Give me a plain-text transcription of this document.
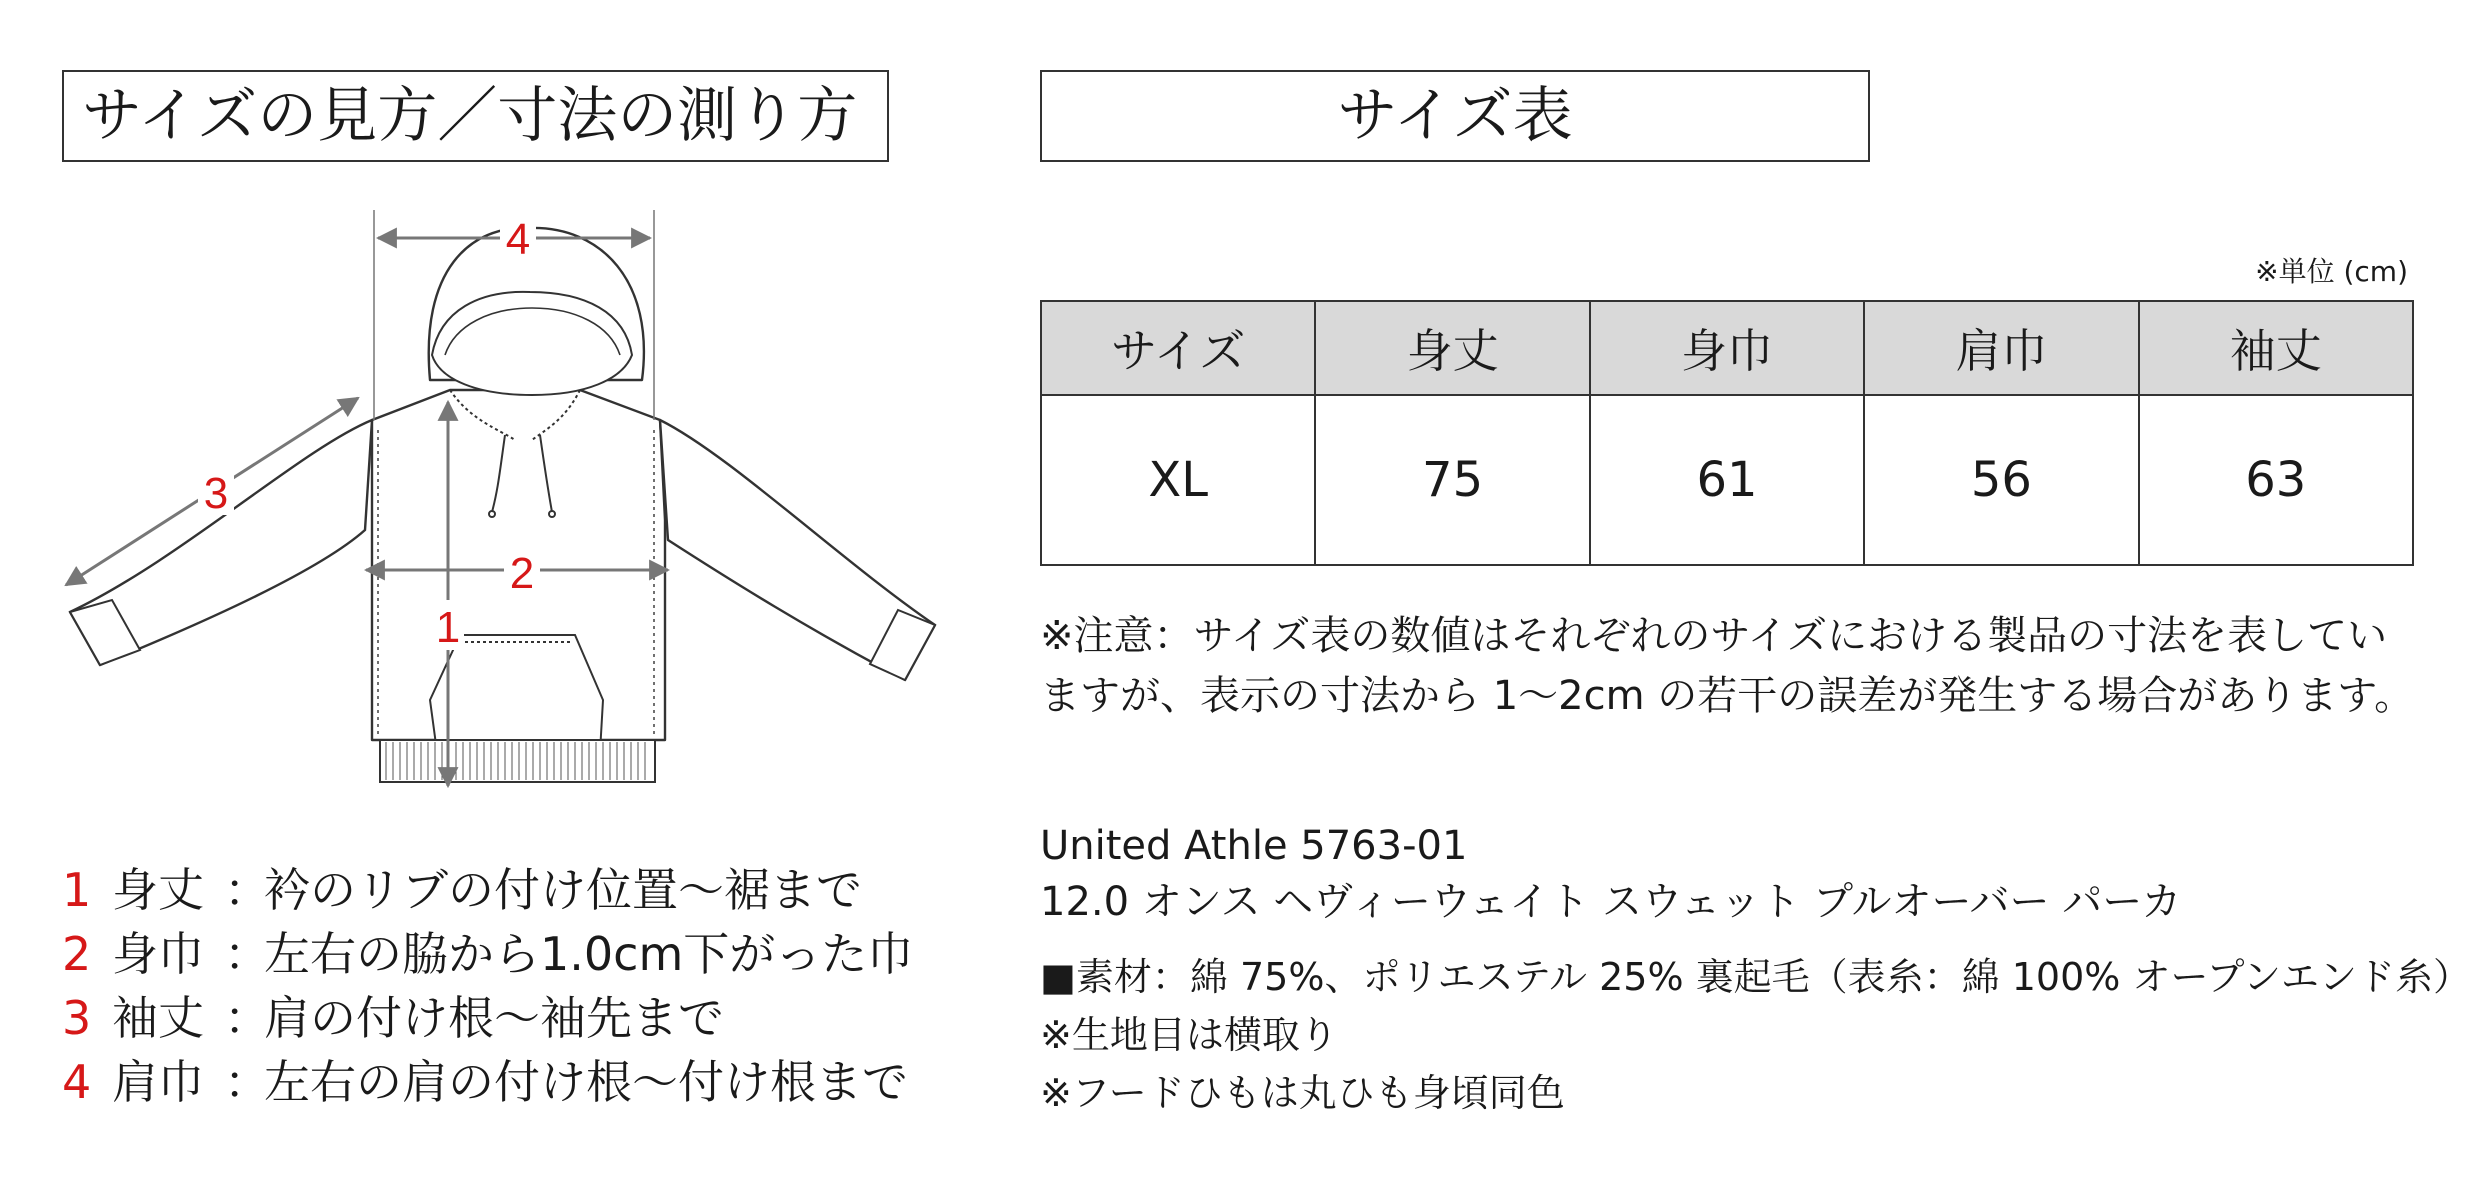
サイズの見方／寸法の測り方	サイズ表
※単位 (cm)
サイズ	身丈	身巾	肩巾	袖丈
XL	75	61	56	63
※注意：サイズ表の数値はそれぞれのサイズにおける製品の寸法を表してい
ますが、表示の寸法から 1〜2cm の若干の誤差が発生する場合があります。
United Athle 5763-01
12.0 オンス ヘヴィーウェイト スウェット プルオーバー パーカ
■素材：綿 75%、ポリエステル 25% 裏起毛（表糸：綿 100% オープンエンド糸）
※生地目は横取り
※フードひもは丸ひも身頃同色
4
3
2
1
1 身丈 ：衿のリブの付け位置〜裾まで
2 身巾 ：左右の脇から1.0cm下がった巾
3 袖丈 ：肩の付け根〜袖先まで
4 肩巾 ：左右の肩の付け根〜付け根まで
